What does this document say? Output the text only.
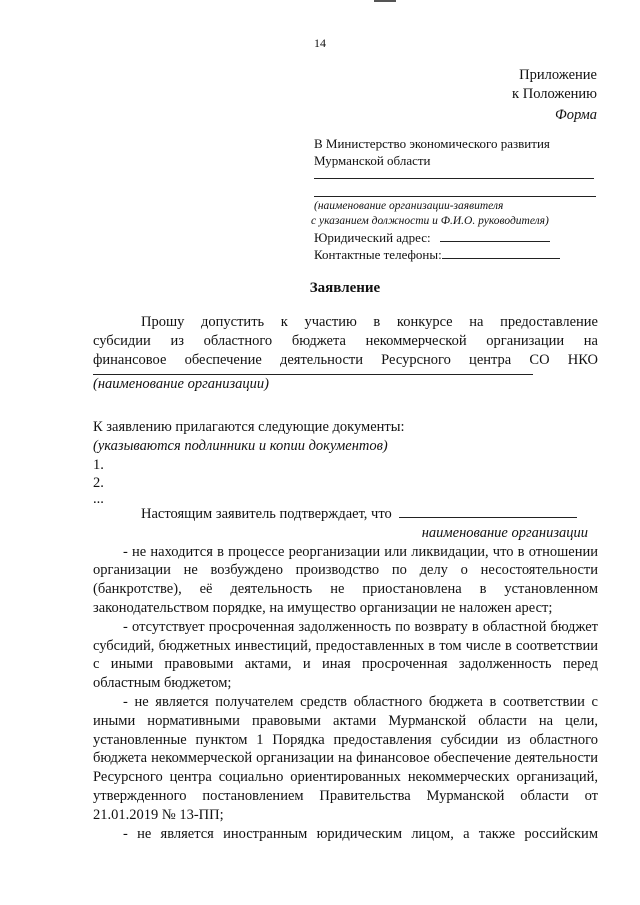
14
Приложение
к Положению

Форма
В Министерство экономического развития
Мурманской области
(наименование организации-заявителя
с указанием должности и Ф.И.О. руководителя)
Юридический адрес:
Контактные телефоны:
Заявление

Прошу допустить к участию в конкурсе на предоставление

субсидии из областного бюджета некоммерческой организации на

финансовое обеспечение деятельности Ресурсного центра СО НКО

(наименование организации)

К заявлению прилагаются следующие документы:

(указываются подлинники и копии документов)

1.

2.

...

Настоящим заявитель подтверждает, что

наименование организации

- не находится в процессе реорганизации или ликвидации, что в отношении организации не возбуждено производство по делу о несостоятельности (банкротстве), её деятельность не приостановлена в установленном законодательством порядке, на имущество организации не наложен арест;

- отсутствует просроченная задолженность по возврату в областной бюджет субсидий, бюджетных инвестиций, предоставленных в том числе в соответствии с иными правовыми актами, и иная просроченная задолженность перед областным бюджетом;

- не является получателем средств областного бюджета в соответствии с иными нормативными правовыми актами Мурманской области на цели, установленные пунктом 1 Порядка предоставления субсидии из областного бюджета некоммерческой организации на финансовое обеспечение деятельности Ресурсного центра социально ориентированных некоммерческих организаций, утвержденного постановлением Правительства Мурманской области от 21.01.2019 № 13-ПП;

- не является иностранным юридическим лицом, а также российским
